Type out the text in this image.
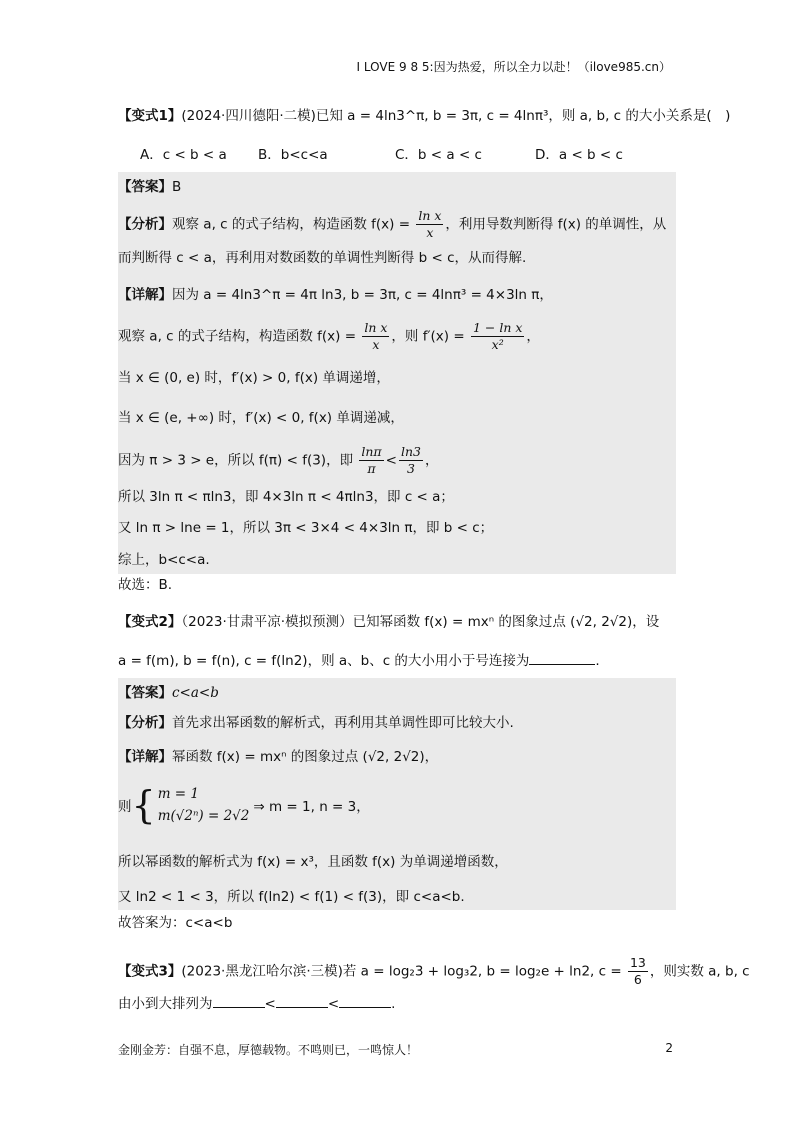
I LOVE 9 8 5:因为热爱，所以全力以赴！（ilove985.cn）
【变式1】(2024·四川德阳·二模)已知 a = 4ln3^π, b = 3π, c = 4lnπ³，则 a, b, c 的大小关系是(　)
A．c < b < a B．b<c<a	C．b < a < c	D．a < b < c
【答案】B
【分析】观察 a, c 的式子结构，构造函数 $f(x) = \frac{\text{ln x}}{x}$ ，利用导数判断得 f(x) 的单调性，从
而判断得 c < a，再利用对数函数的单调性判断得 b < c，从而得解.
【详解】因为 a = 4ln3^π = 4π ln3, b = 3π, c = 4lnπ³ = 4×3ln π，
观察 a, c 的式子结构，构造函数 $f(x) = \frac{\text{ln x}}{x}$ ，则 $f'(x) = \frac{\text{1 − ln x}}{\text{x²}}$ ，
当 x ∈ (0, e) 时，f′(x) > 0, f(x) 单调递增，
当 x ∈ (e, +∞) 时，f′(x) < 0, f(x) 单调递减，
因为 π > 3 > e，所以 f(π) < f(3)，即 $\frac{\ln\pi}{\pi} < \frac{\ln 3}{3}$ ，
所以 3ln π < πln3，即 4×3ln π < 4πln3，即 c < a；
又 ln π > lne = 1，所以 3π < 3×4 < 4×3ln π，即 b < c；
综上，b<c<a.
故选：B.
【变式2】（2023·甘肃平凉·模拟预测）已知幂函数 f(x) = mxⁿ 的图象过点 (√2, 2√2)，设
a = f(m), b = f(n), c = f(ln2)，则 a、b、c 的大小用小于号连接为	.
【答案】c<a<b
【分析】首先求出幂函数的解析式，再利用其单调性即可比较大小.
【详解】幂函数 f(x) = mxⁿ 的图象过点 (√2, 2√2)，
则{ m = 1
m(√2ⁿ) = 2√2
⇒ m = 1, n = 3，
所以幂函数的解析式为 f(x) = x³，且函数 f(x) 为单调递增函数，
又 ln2 < 1 < 3，所以 f(ln2) < f(1) < f(3)，即 c<a<b.
故答案为：c<a<b
【变式3】(2023·黑龙江哈尔滨·三模)若 a = log₂3 + log₃2, b = log₂e + ln2, $c = \frac{13}{6}$ ，则实数 a, b, c
由小到大排列为	<	<	.
金刚金芳：自强不息，厚德载物。不鸣则已，一鸣惊人！	2
